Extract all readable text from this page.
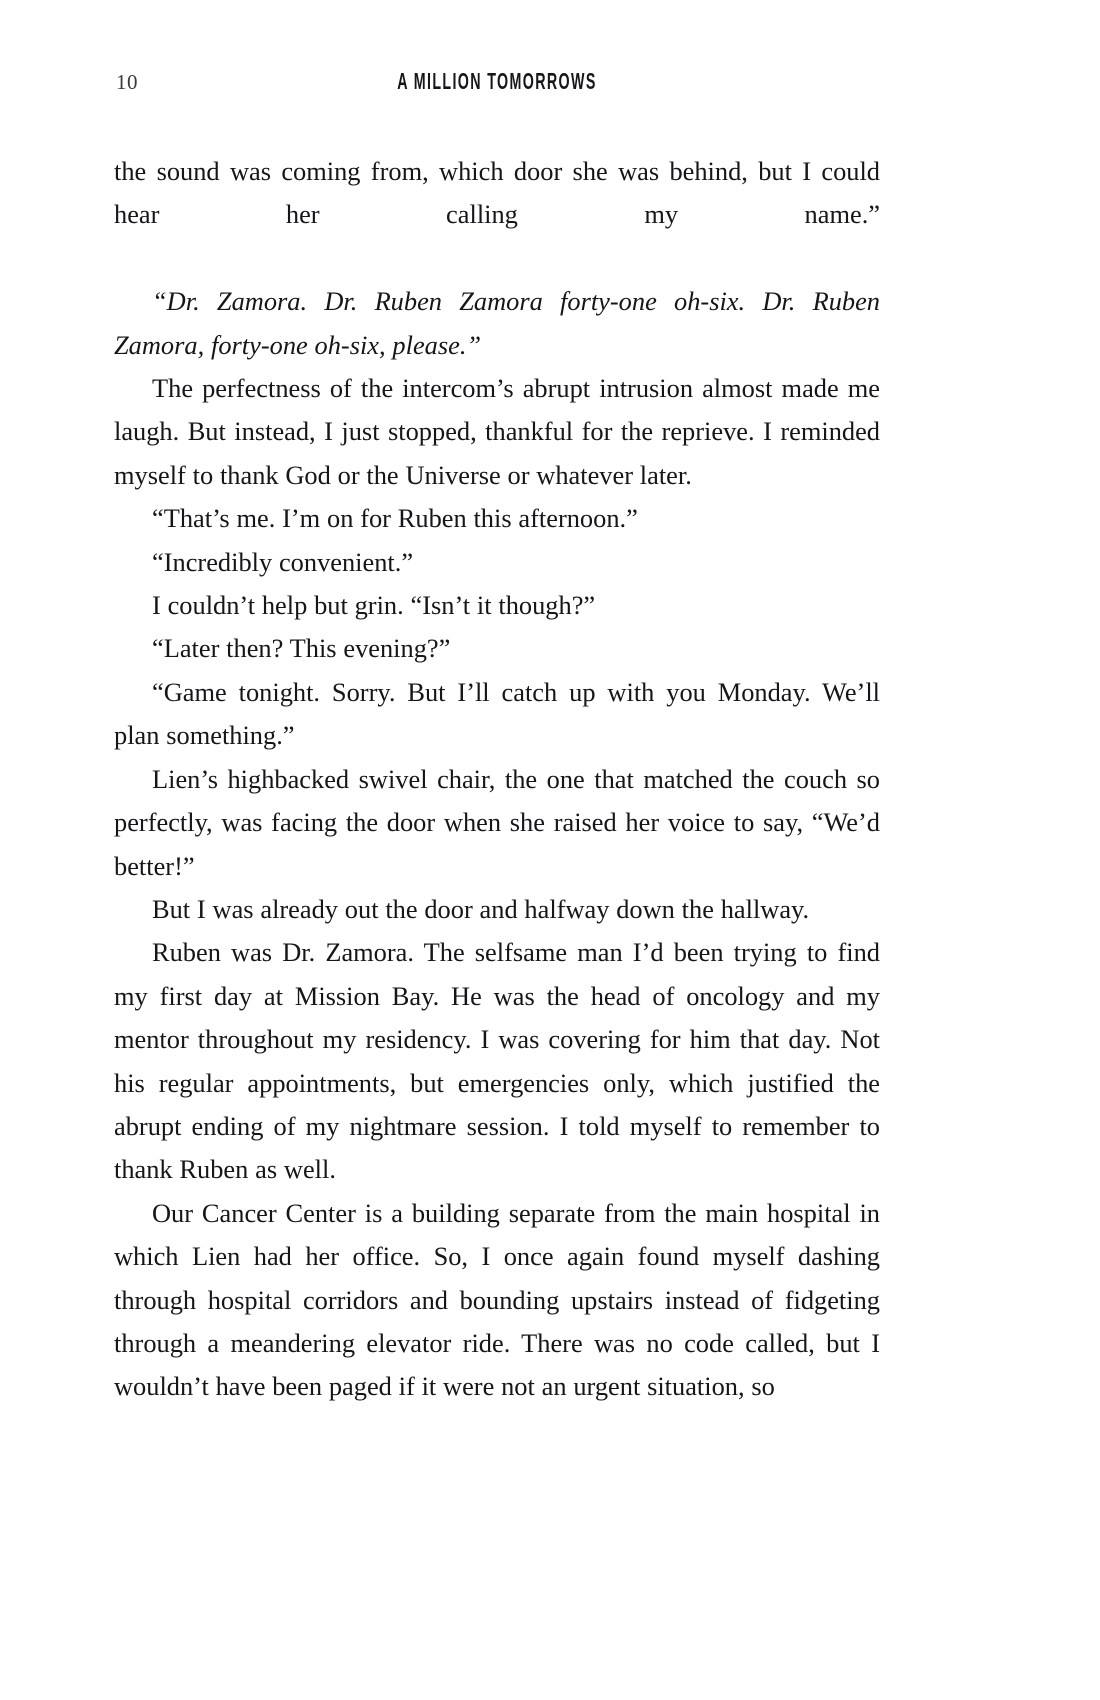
10	A MILLION TOMORROWS

the sound was coming from, which door she was behind, but I could hear her calling my name.”

“Dr. Zamora. Dr. Ruben Zamora forty-one oh-six. Dr. Ruben Zamora, forty-one oh-six, please.”

The perfectness of the intercom’s abrupt intrusion almost made me laugh. But instead, I just stopped, thankful for the reprieve. I reminded myself to thank God or the Universe or whatever later.

“That’s me. I’m on for Ruben this afternoon.”

“Incredibly convenient.”

I couldn’t help but grin. “Isn’t it though?”

“Later then? This evening?”

“Game tonight. Sorry. But I’ll catch up with you Monday. We’ll plan something.”

Lien’s highbacked swivel chair, the one that matched the couch so perfectly, was facing the door when she raised her voice to say, “We’d better!”

But I was already out the door and halfway down the hallway.

Ruben was Dr. Zamora. The selfsame man I’d been trying to find my first day at Mission Bay. He was the head of oncology and my mentor throughout my residency. I was covering for him that day. Not his regular appointments, but emergencies only, which justified the abrupt ending of my nightmare session. I told myself to remember to thank Ruben as well.

Our Cancer Center is a building separate from the main hospital in which Lien had her office. So, I once again found myself dashing through hospital corridors and bounding upstairs instead of fidgeting through a meandering elevator ride. There was no code called, but I wouldn’t have been paged if it were not an urgent situation, so
